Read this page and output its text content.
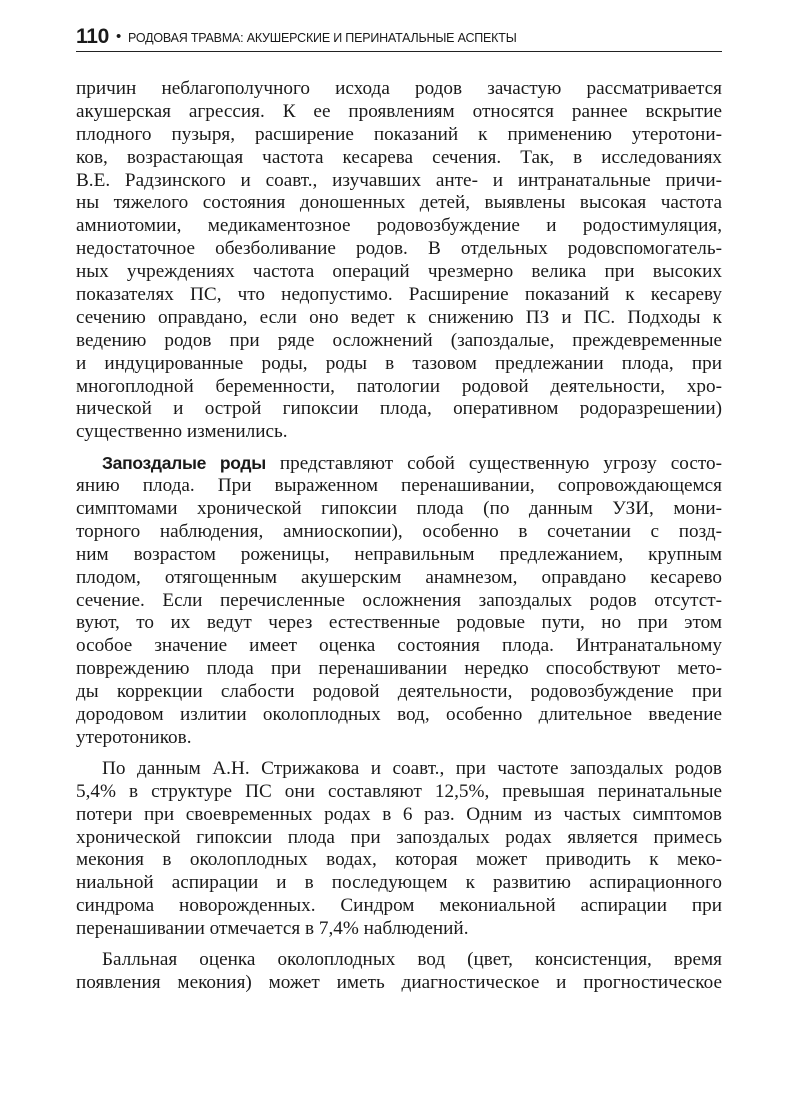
110 • РОДОВАЯ ТРАВМА: АКУШЕРСКИЕ И ПЕРИНАТАЛЬНЫЕ АСПЕКТЫ
причин неблагополучного исхода родов зачастую рассматривается
акушерская агрессия. К ее проявлениям относятся раннее вскрытие
плодного пузыря, расширение показаний к применению утеротони-
ков, возрастающая частота кесарева сечения. Так, в исследованиях
В.Е. Радзинского и соавт., изучавших анте- и интранатальные причи-
ны тяжелого состояния доношенных детей, выявлены высокая частота
амниотомии, медикаментозное родовозбуждение и родостимуляция,
недостаточное обезболивание родов. В отдельных родовспомогатель-
ных учреждениях частота операций чрезмерно велика при высоких
показателях ПС, что недопустимо. Расширение показаний к кесареву
сечению оправдано, если оно ведет к снижению ПЗ и ПС. Подходы к
ведению родов при ряде осложнений (запоздалые, преждевременные
и индуцированные роды, роды в тазовом предлежании плода, при
многоплодной беременности, патологии родовой деятельности, хро-
нической и острой гипоксии плода, оперативном родоразрешении)
существенно изменились.
Запоздалые роды представляют собой существенную угрозу состо-
янию плода. При выраженном перенашивании, сопровождающемся
симптомами хронической гипоксии плода (по данным УЗИ, мони-
торного наблюдения, амниоскопии), особенно в сочетании с позд-
ним возрастом роженицы, неправильным предлежанием, крупным
плодом, отягощенным акушерским анамнезом, оправдано кесарево
сечение. Если перечисленные осложнения запоздалых родов отсутст-
вуют, то их ведут через естественные родовые пути, но при этом
особое значение имеет оценка состояния плода. Интранатальному
повреждению плода при перенашивании нередко способствуют мето-
ды коррекции слабости родовой деятельности, родовозбуждение при
дородовом излитии околоплодных вод, особенно длительное введение
утеротоников.
По данным А.Н. Стрижакова и соавт., при частоте запоздалых родов
5,4% в структуре ПС они составляют 12,5%, превышая перинатальные
потери при своевременных родах в 6 раз. Одним из частых симптомов
хронической гипоксии плода при запоздалых родах является примесь
мекония в околоплодных водах, которая может приводить к меко-
ниальной аспирации и в последующем к развитию аспирационного
синдрома новорожденных. Синдром мекониальной аспирации при
перенашивании отмечается в 7,4% наблюдений.
Балльная оценка околоплодных вод (цвет, консистенция, время
появления мекония) может иметь диагностическое и прогностическое
